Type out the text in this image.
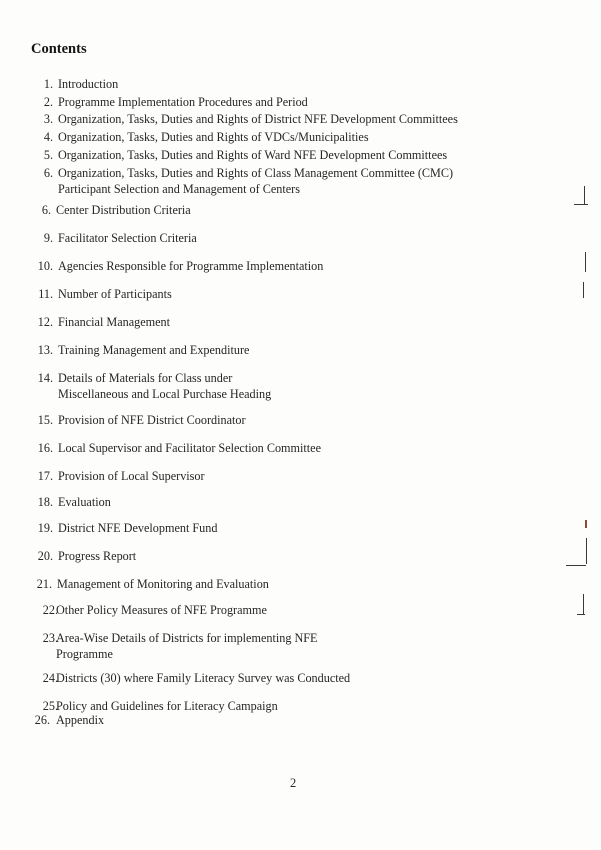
Contents
1. Introduction
2. Programme Implementation Procedures and Period
3. Organization, Tasks, Duties and Rights of District NFE Development Committees
4. Organization, Tasks, Duties and Rights of VDCs/Municipalities
5. Organization, Tasks, Duties and Rights of Ward NFE Development Committees
6. Organization, Tasks, Duties and Rights of Class Management Committee (CMC)
Participant Selection and Management of Centers
6. Center Distribution Criteria
9. Facilitator Selection Criteria
10. Agencies Responsible for Programme Implementation
11. Number of Participants
12. Financial Management
13. Training Management and Expenditure
14. Details of Materials for Class under
Miscellaneous and Local Purchase Heading
15. Provision of NFE District Coordinator
16. Local Supervisor and Facilitator Selection Committee
17. Provision of Local Supervisor
18. Evaluation
19. District NFE Development Fund
20. Progress Report
21. Management of Monitoring and Evaluation
22.
Other Policy Measures of NFE Programme
23.
Area-Wise Details of Districts for implementing NFE
Programme
24.
Districts (30) where Family Literacy Survey was Conducted
25.
Policy and Guidelines for Literacy Campaign
26. Appendix
2
